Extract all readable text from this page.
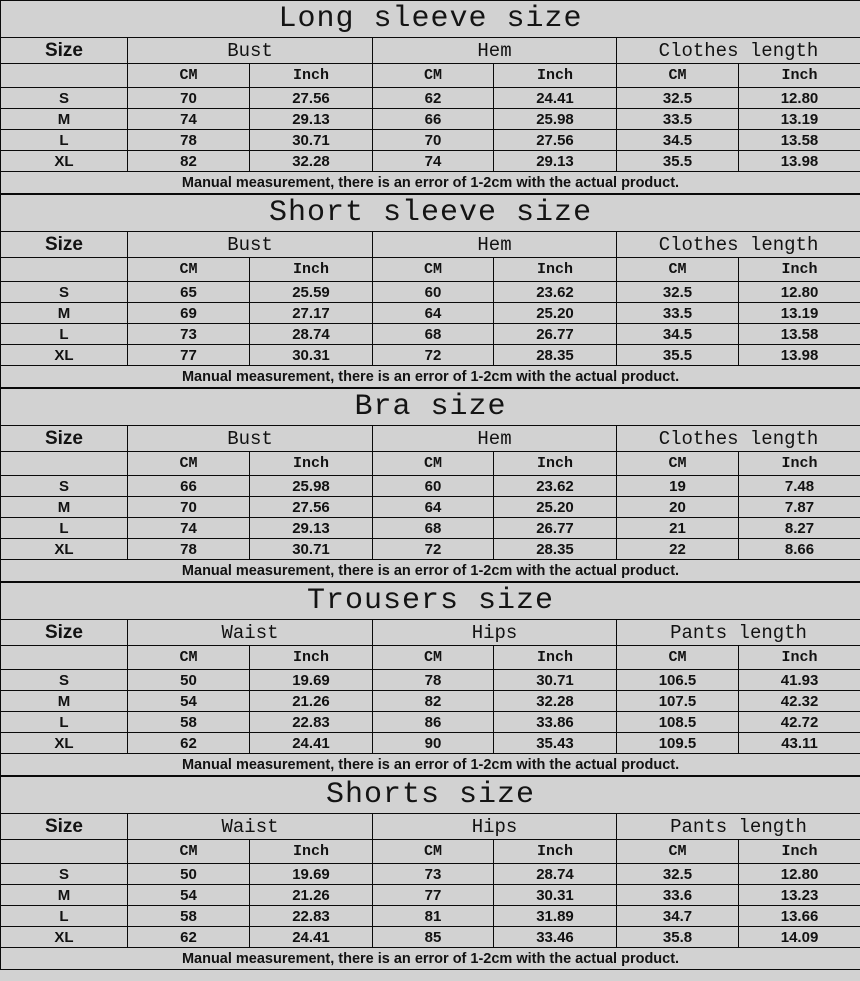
Long sleeve size						
Size	Bust		Hem		Clothes length	
	CM	Inch	CM	Inch	CM	Inch
S	70	27.56	62	24.41	32.5	12.80
M	74	29.13	66	25.98	33.5	13.19
L	78	30.71	70	27.56	34.5	13.58
XL	82	32.28	74	29.13	35.5	13.98
Manual measurement, there is an error of 1-2cm with the actual product.						
Short sleeve size						
Size	Bust		Hem		Clothes length	
	CM	Inch	CM	Inch	CM	Inch
S	65	25.59	60	23.62	32.5	12.80
M	69	27.17	64	25.20	33.5	13.19
L	73	28.74	68	26.77	34.5	13.58
XL	77	30.31	72	28.35	35.5	13.98
Manual measurement, there is an error of 1-2cm with the actual product.						
Bra size						
Size	Bust		Hem		Clothes length	
	CM	Inch	CM	Inch	CM	Inch
S	66	25.98	60	23.62	19	7.48
M	70	27.56	64	25.20	20	7.87
L	74	29.13	68	26.77	21	8.27
XL	78	30.71	72	28.35	22	8.66
Manual measurement, there is an error of 1-2cm with the actual product.						
Trousers size						
Size	Waist		Hips		Pants length	
	CM	Inch	CM	Inch	CM	Inch
S	50	19.69	78	30.71	106.5	41.93
M	54	21.26	82	32.28	107.5	42.32
L	58	22.83	86	33.86	108.5	42.72
XL	62	24.41	90	35.43	109.5	43.11
Manual measurement, there is an error of 1-2cm with the actual product.						
Shorts size						
Size	Waist		Hips		Pants length	
	CM	Inch	CM	Inch	CM	Inch
S	50	19.69	73	28.74	32.5	12.80
M	54	21.26	77	30.31	33.6	13.23
L	58	22.83	81	31.89	34.7	13.66
XL	62	24.41	85	33.46	35.8	14.09
Manual measurement, there is an error of 1-2cm with the actual product.						
